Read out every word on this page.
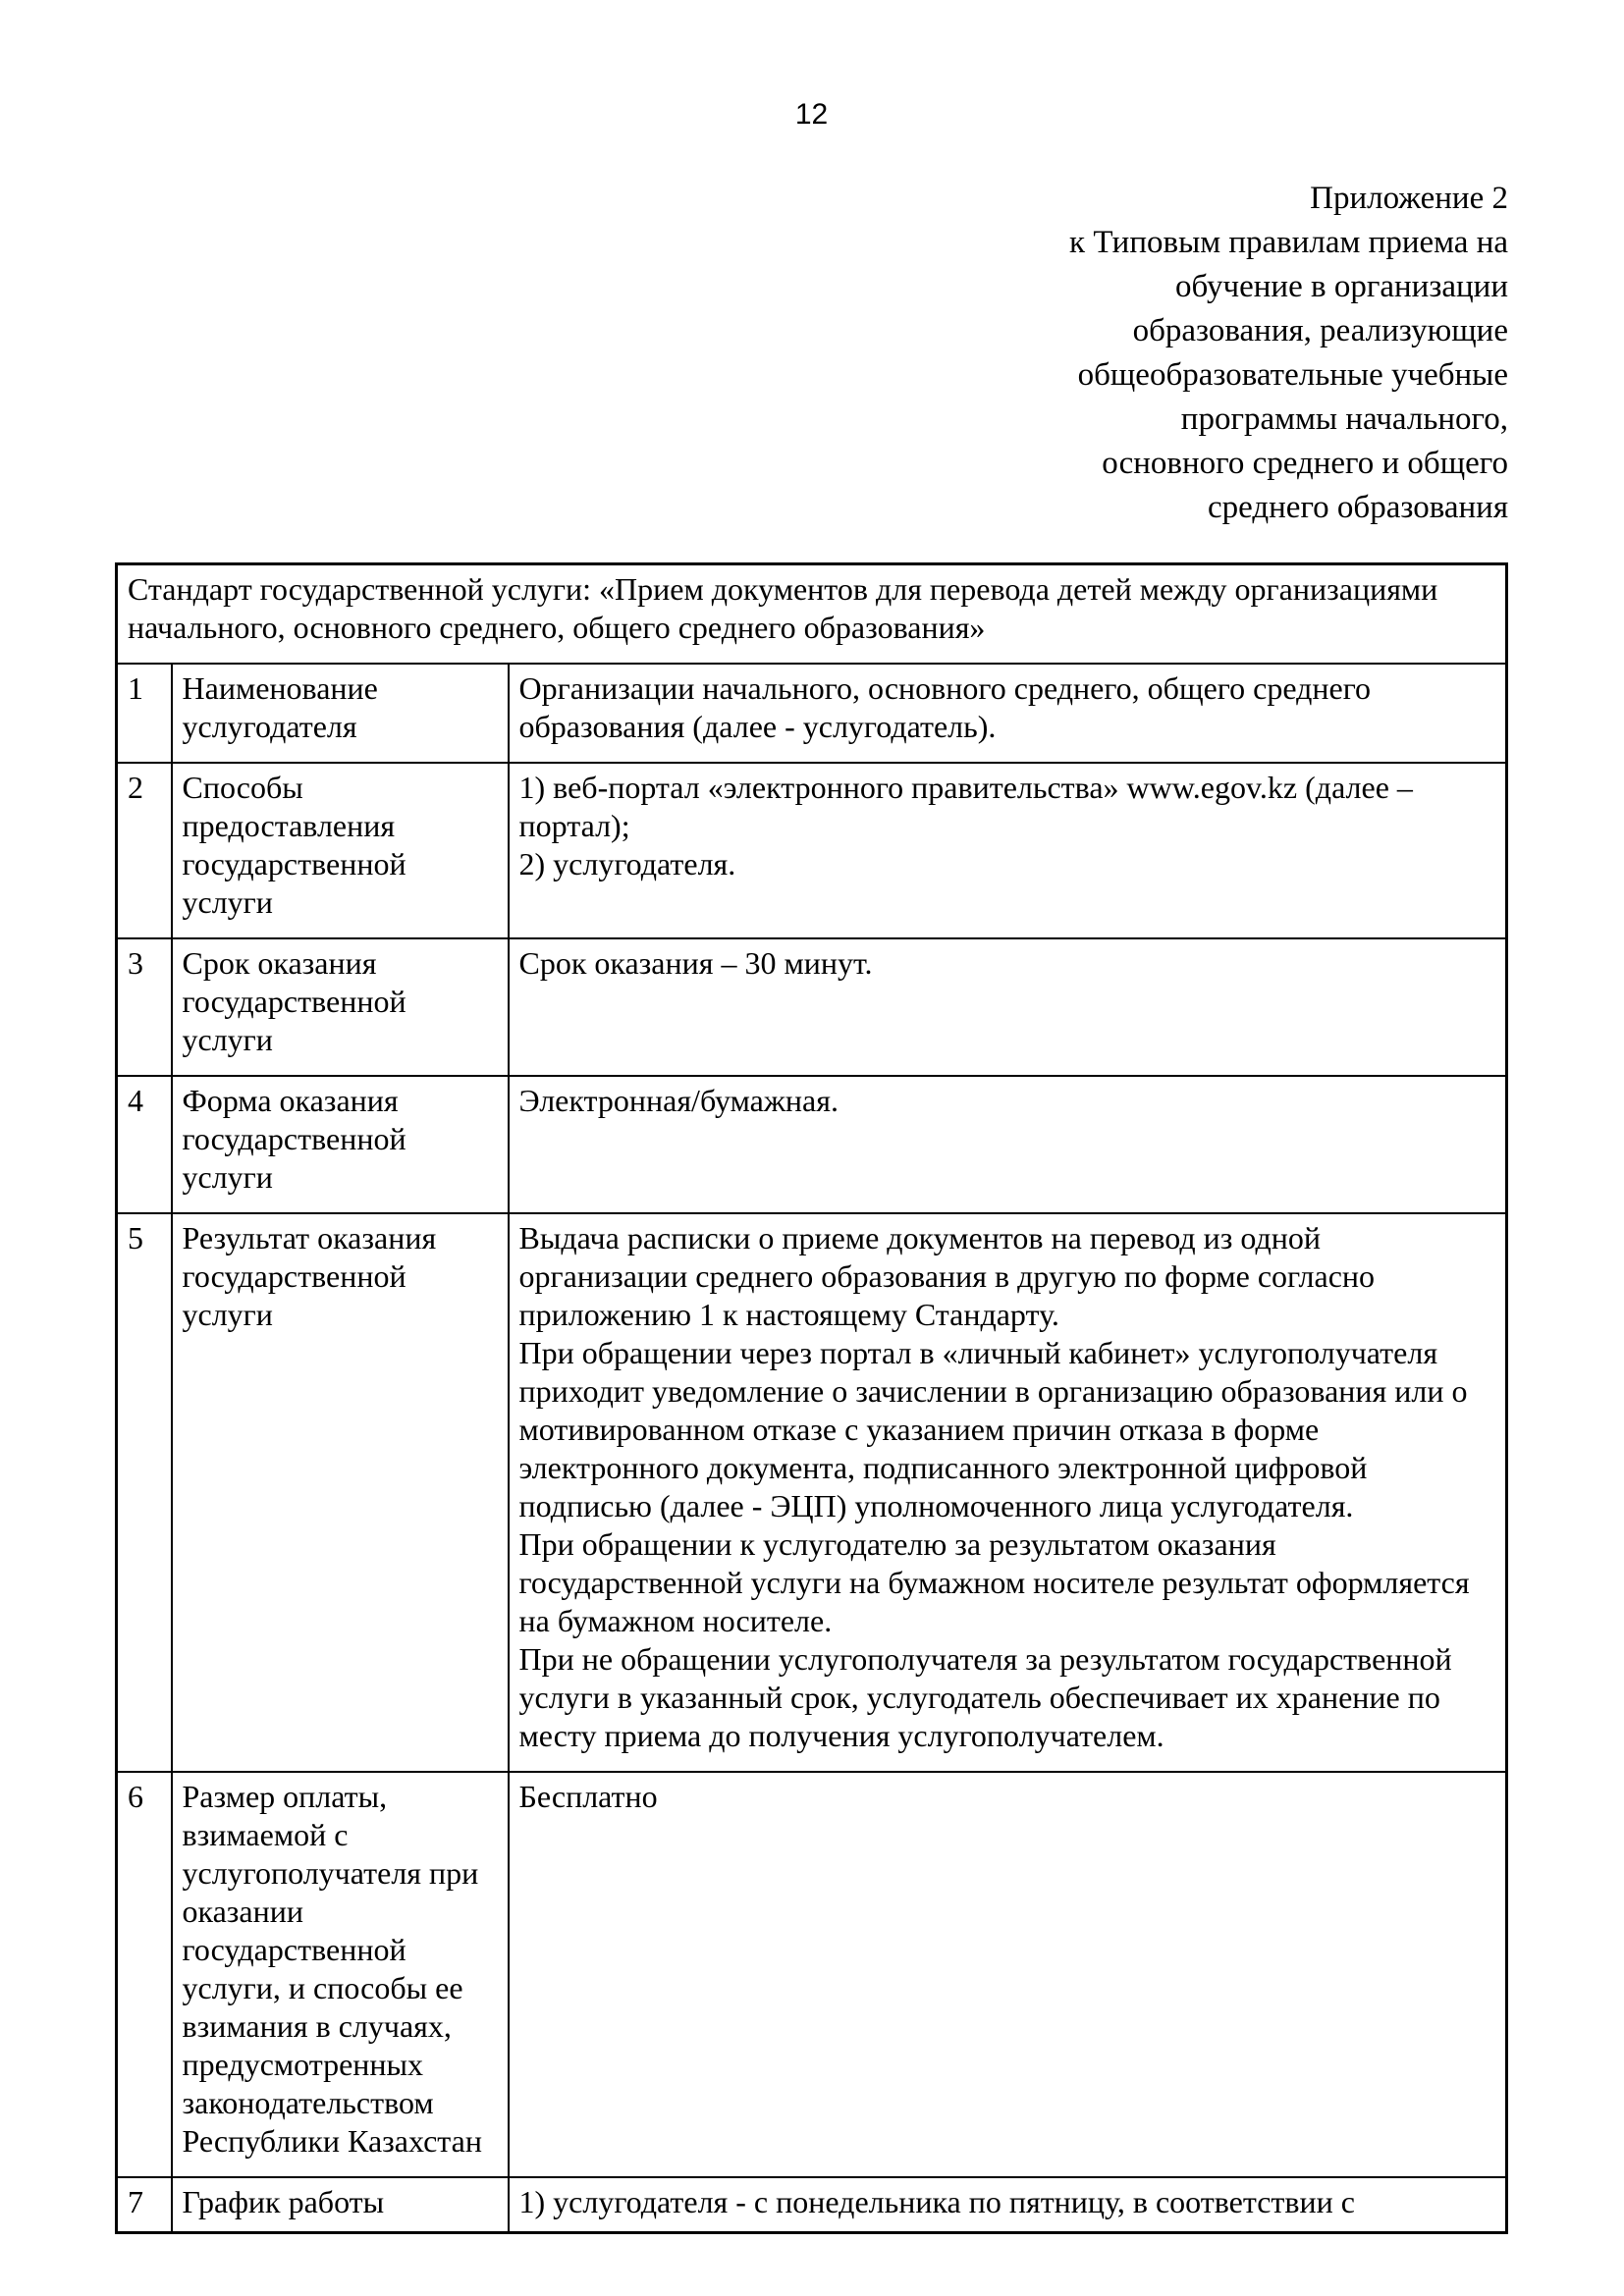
12
Приложение 2
к Типовым правилам приема на
обучение в организации
образования, реализующие
общеобразовательные учебные
программы начального,
основного среднего и общего
среднего образования
Стандарт государственной услуги: «Прием документов для перевода детей между организациями начального, основного среднего, общего среднего образования»		
1	Наименование услугодателя	Организации начального, основного среднего, общего среднего образования (далее - услугодатель).

2	Способы предоставления государственной услуги	1) веб-портал «электронного правительства» www.egov.kz (далее – портал);
2) услугодателя.

3	Срок оказания государственной услуги	Срок оказания – 30 минут.

4	Форма оказания государственной услуги	Электронная/бумажная.

5	Результат оказания государственной услуги	Выдача расписки о приеме документов на перевод из одной организации среднего образования в другую по форме согласно приложению 1 к настоящему Стандарту.
При обращении через портал в «личный кабинет» услугополучателя приходит уведомление о зачислении в организацию образования или о мотивированном отказе с указанием причин отказа в форме электронного документа, подписанного электронной цифровой подписью (далее - ЭЦП) уполномоченного лица услугодателя.
При обращении к услугодателю за результатом оказания государственной услуги на бумажном носителе результат оформляется на бумажном носителе.
При не обращении услугополучателя за результатом государственной услуги в указанный срок, услугодатель обеспечивает их хранение по месту приема до получения услугополучателем.

6	Размер оплаты, взимаемой с услугополучателя при оказании государственной услуги, и способы ее взимания в случаях, предусмотренных законодательством Республики Казахстан	Бесплатно

7	График работы	1) услугодателя - с понедельника по пятницу, в соответствии с
